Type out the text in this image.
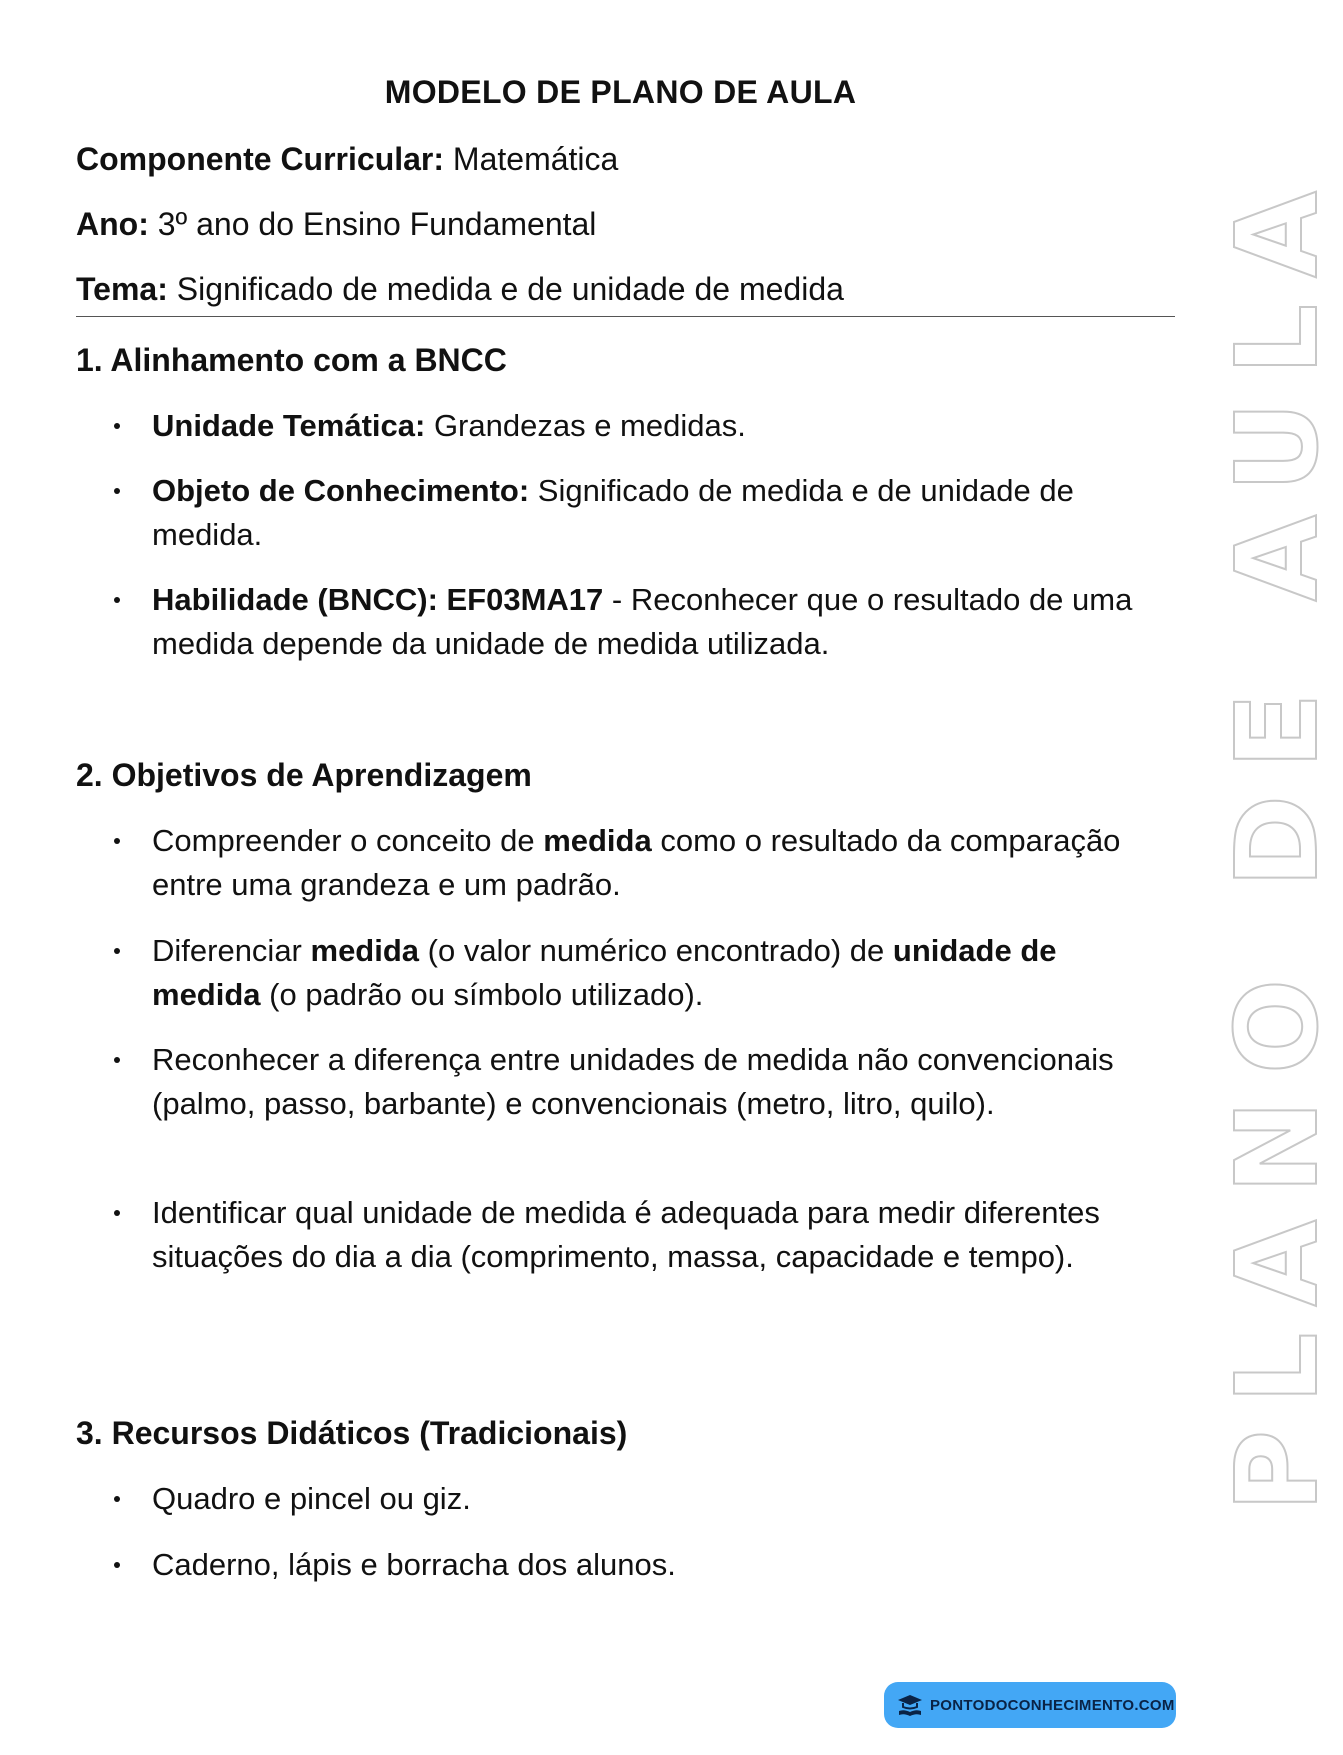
MODELO DE PLANO DE AULA
Componente Curricular: Matemática
Ano: 3º ano do Ensino Fundamental
Tema: Significado de medida e de unidade de medida
1. Alinhamento com a BNCC
Unidade Temática: Grandezas e medidas.
Objeto de Conhecimento: Significado de medida e de unidade de medida.
Habilidade (BNCC): EF03MA17 - Reconhecer que o resultado de uma medida depende da unidade de medida utilizada.
2. Objetivos de Aprendizagem
Compreender o conceito de medida como o resultado da comparação entre uma grandeza e um padrão.
Diferenciar medida (o valor numérico encontrado) de unidade de medida (o padrão ou símbolo utilizado).
Reconhecer a diferença entre unidades de medida não convencionais (palmo, passo, barbante) e convencionais (metro, litro, quilo).
Identificar qual unidade de medida é adequada para medir diferentes situações do dia a dia (comprimento, massa, capacidade e tempo).
3. Recursos Didáticos (Tradicionais)
Quadro e pincel ou giz.
Caderno, lápis e borracha dos alunos.
PLANO DE AULA
PONTODOCONHECIMENTO.COM
